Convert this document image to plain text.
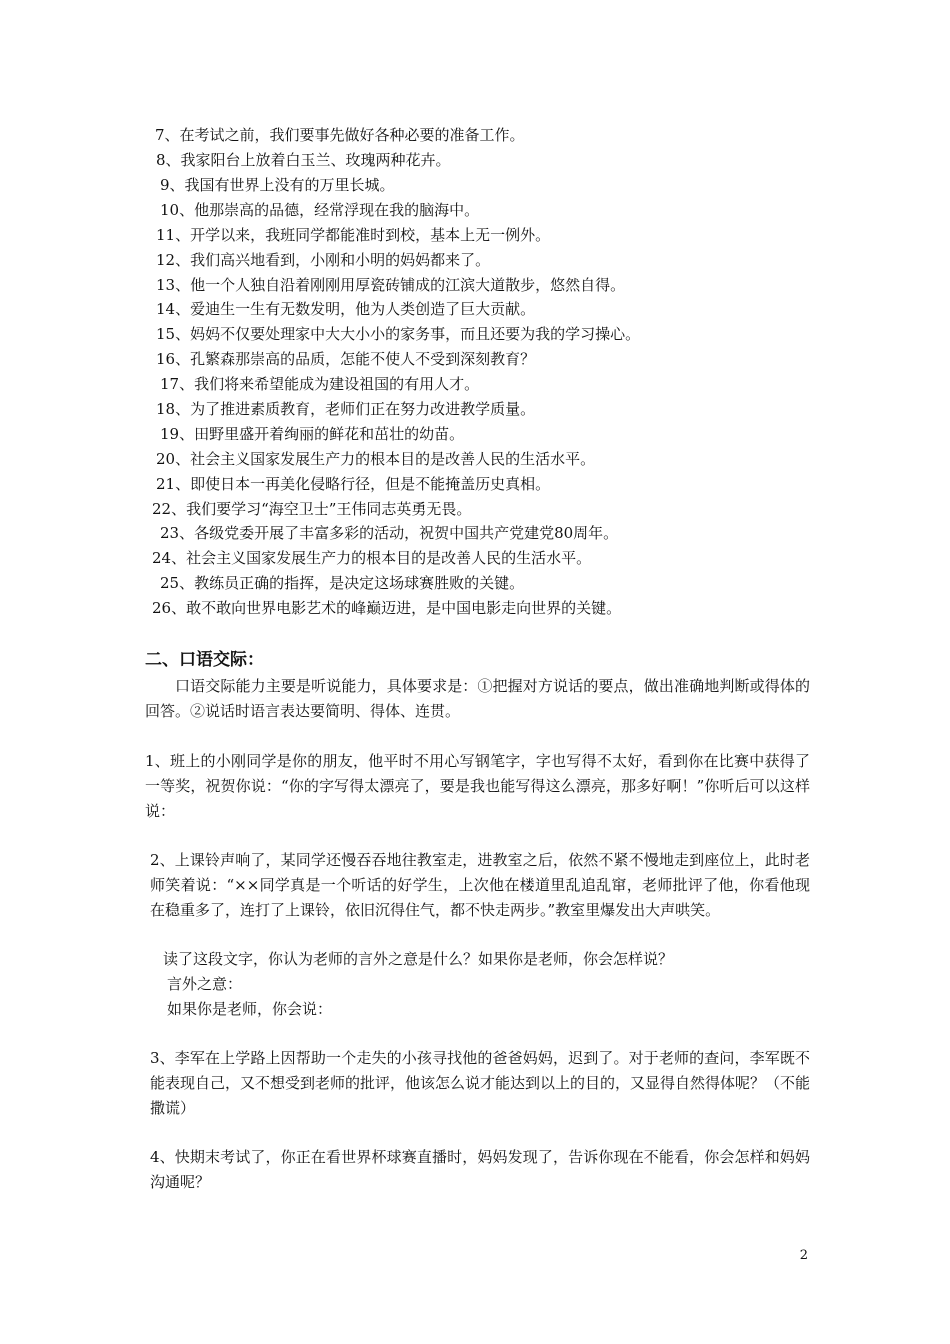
7、在考试之前，我们要事先做好各种必要的准备工作。
8、我家阳台上放着白玉兰、玫瑰两种花卉。
9、我国有世界上没有的万里长城。
10、他那崇高的品德，经常浮现在我的脑海中。
11、开学以来，我班同学都能准时到校，基本上无一例外。
12、我们高兴地看到，小刚和小明的妈妈都来了。
13、他一个人独自沿着刚刚用厚瓷砖铺成的江滨大道散步，悠然自得。
14、爱迪生一生有无数发明，他为人类创造了巨大贡献。
15、妈妈不仅要处理家中大大小小的家务事，而且还要为我的学习操心。
16、孔繁森那崇高的品质，怎能不使人不受到深刻教育？
17、我们将来希望能成为建设祖国的有用人才。
18、为了推进素质教育，老师们正在努力改进教学质量。
19、田野里盛开着绚丽的鲜花和茁壮的幼苗。
20、社会主义国家发展生产力的根本目的是改善人民的生活水平。
21、即使日本一再美化侵略行径，但是不能掩盖历史真相。
22、我们要学习“海空卫士”王伟同志英勇无畏。
23、各级党委开展了丰富多彩的活动，祝贺中国共产党建党80周年。
24、社会主义国家发展生产力的根本目的是改善人民的生活水平。
25、教练员正确的指挥，是决定这场球赛胜败的关键。
26、敢不敢向世界电影艺术的峰巅迈进，是中国电影走向世界的关键。
二、口语交际：
口语交际能力主要是听说能力，具体要求是：①把握对方说话的要点，做出准确地判断或得体的回答。②说话时语言表达要简明、得体、连贯。
1、班上的小刚同学是你的朋友，他平时不用心写钢笔字，字也写得不太好，看到你在比赛中获得了一等奖，祝贺你说：“你的字写得太漂亮了，要是我也能写得这么漂亮，那多好啊！”你听后可以这样说：
2、上课铃声响了，某同学还慢吞吞地往教室走，进教室之后，依然不紧不慢地走到座位上，此时老师笑着说：“××同学真是一个听话的好学生，上次他在楼道里乱追乱窜，老师批评了他，你看他现在稳重多了，连打了上课铃，依旧沉得住气，都不快走两步。”教室里爆发出大声哄笑。
读了这段文字，你认为老师的言外之意是什么？如果你是老师，你会怎样说？
言外之意：
如果你是老师，你会说：
3、李军在上学路上因帮助一个走失的小孩寻找他的爸爸妈妈，迟到了。对于老师的查问，李军既不能表现自己，又不想受到老师的批评，他该怎么说才能达到以上的目的，又显得自然得体呢？（不能撒谎）
4、快期末考试了，你正在看世界杯球赛直播时，妈妈发现了，告诉你现在不能看，你会怎样和妈妈沟通呢？
2
